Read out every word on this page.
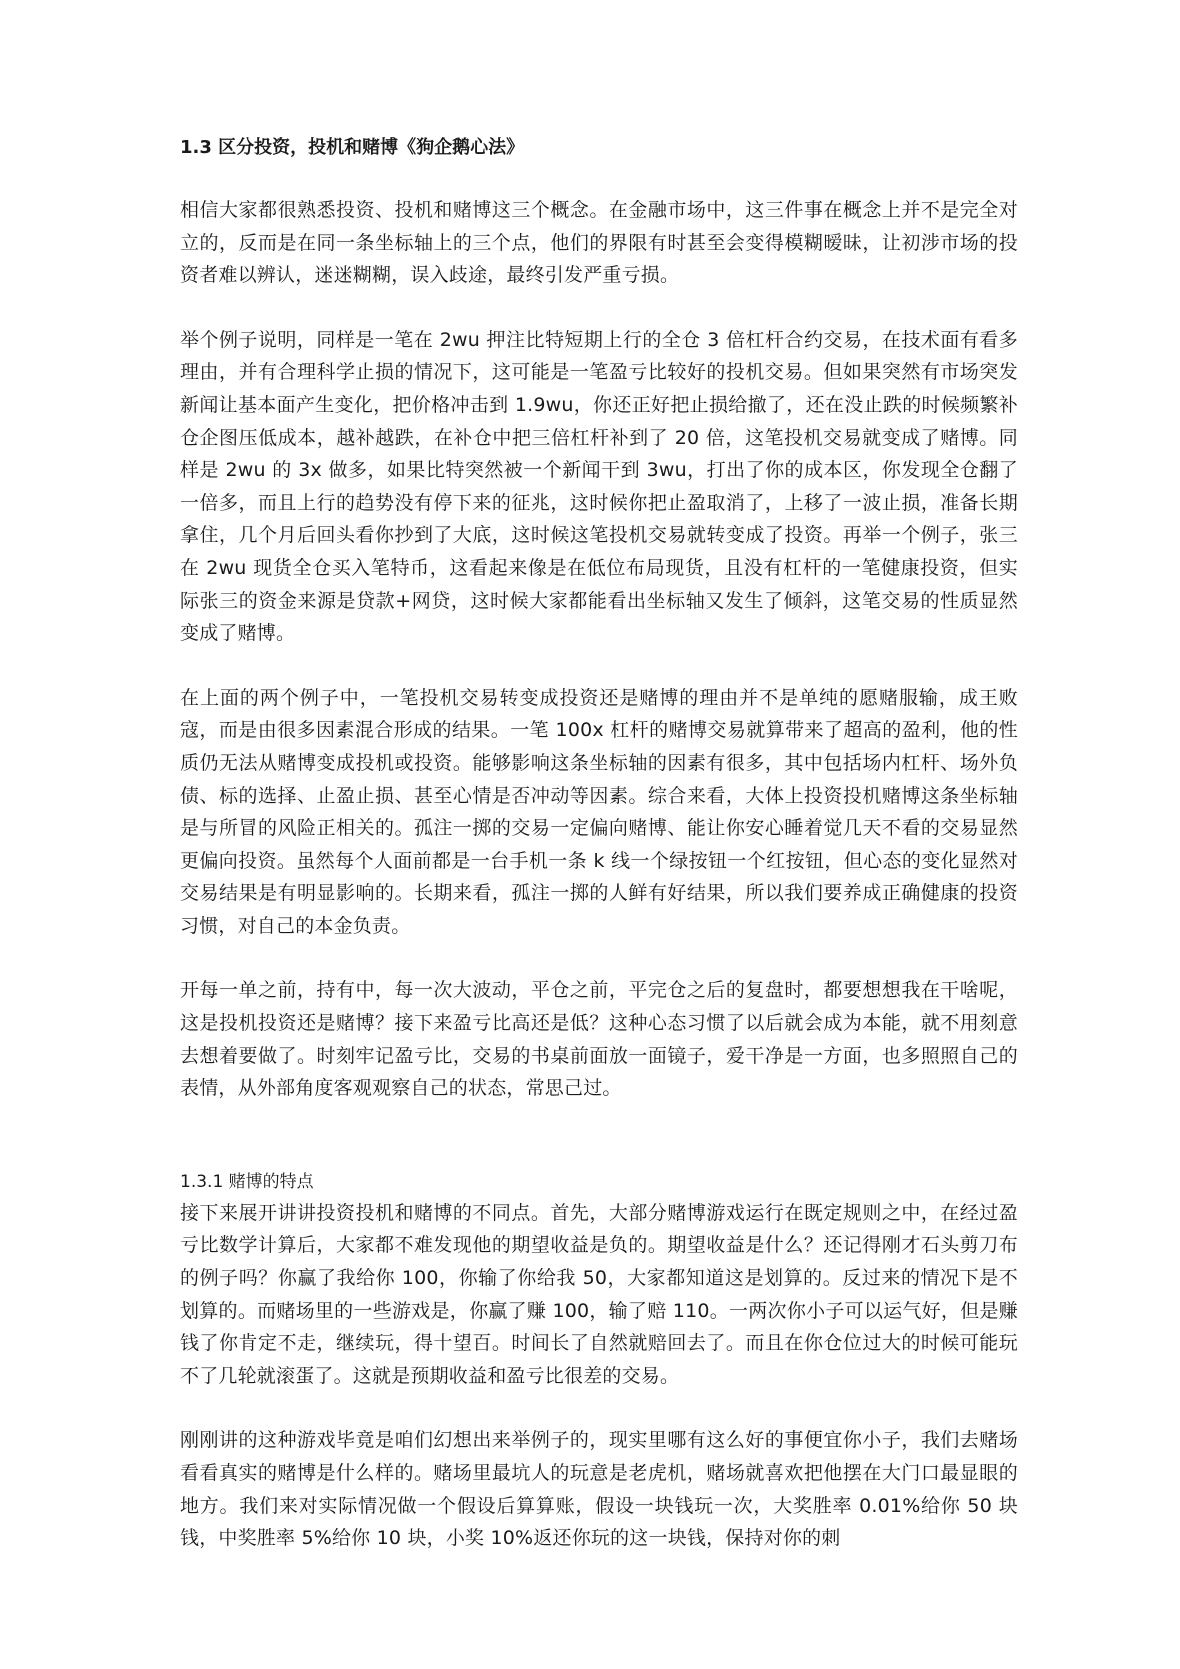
1.3 区分投资，投机和赌博《狗企鹅心法》

相信大家都很熟悉投资、投机和赌博这三个概念。在金融市场中，这三件事在概念上并不是完全对立的，反而是在同一条坐标轴上的三个点，他们的界限有时甚至会变得模糊暧昧，让初涉市场的投资者难以辨认，迷迷糊糊，误入歧途，最终引发严重亏损。

举个例子说明，同样是一笔在 2wu 押注比特短期上行的全仓 3 倍杠杆合约交易，在技术面有看多理由，并有合理科学止损的情况下，这可能是一笔盈亏比较好的投机交易。但如果突然有市场突发新闻让基本面产生变化，把价格冲击到 1.9wu，你还正好把止损给撤了，还在没止跌的时候频繁补仓企图压低成本，越补越跌，在补仓中把三倍杠杆补到了 20 倍，这笔投机交易就变成了赌博。同样是 2wu 的 3x 做多，如果比特突然被一个新闻干到 3wu，打出了你的成本区，你发现全仓翻了一倍多，而且上行的趋势没有停下来的征兆，这时候你把止盈取消了，上移了一波止损，准备长期拿住，几个月后回头看你抄到了大底，这时候这笔投机交易就转变成了投资。再举一个例子，张三在 2wu 现货全仓买入笔特币，这看起来像是在低位布局现货，且没有杠杆的一笔健康投资，但实际张三的资金来源是贷款+网贷，这时候大家都能看出坐标轴又发生了倾斜，这笔交易的性质显然变成了赌博。

在上面的两个例子中，一笔投机交易转变成投资还是赌博的理由并不是单纯的愿赌服输，成王败寇，而是由很多因素混合形成的结果。一笔 100x 杠杆的赌博交易就算带来了超高的盈利，他的性质仍无法从赌博变成投机或投资。能够影响这条坐标轴的因素有很多，其中包括场内杠杆、场外负债、标的选择、止盈止损、甚至心情是否冲动等因素。综合来看，大体上投资投机赌博这条坐标轴是与所冒的风险正相关的。孤注一掷的交易一定偏向赌博、能让你安心睡着觉几天不看的交易显然更偏向投资。虽然每个人面前都是一台手机一条 k 线一个绿按钮一个红按钮，但心态的变化显然对交易结果是有明显影响的。长期来看，孤注一掷的人鲜有好结果，所以我们要养成正确健康的投资习惯，对自己的本金负责。

开每一单之前，持有中，每一次大波动，平仓之前，平完仓之后的复盘时，都要想想我在干啥呢，这是投机投资还是赌博？接下来盈亏比高还是低？这种心态习惯了以后就会成为本能，就不用刻意去想着要做了。时刻牢记盈亏比，交易的书桌前面放一面镜子，爱干净是一方面，也多照照自己的表情，从外部角度客观观察自己的状态，常思己过。

1.3.1 赌博的特点

接下来展开讲讲投资投机和赌博的不同点。首先，大部分赌博游戏运行在既定规则之中，在经过盈亏比数学计算后，大家都不难发现他的期望收益是负的。期望收益是什么？还记得刚才石头剪刀布的例子吗？你赢了我给你 100，你输了你给我 50，大家都知道这是划算的。反过来的情况下是不划算的。而赌场里的一些游戏是，你赢了赚 100，输了赔 110。一两次你小子可以运气好，但是赚钱了你肯定不走，继续玩，得十望百。时间长了自然就赔回去了。而且在你仓位过大的时候可能玩不了几轮就滚蛋了。这就是预期收益和盈亏比很差的交易。

刚刚讲的这种游戏毕竟是咱们幻想出来举例子的，现实里哪有这么好的事便宜你小子，我们去赌场看看真实的赌博是什么样的。赌场里最坑人的玩意是老虎机，赌场就喜欢把他摆在大门口最显眼的地方。我们来对实际情况做一个假设后算算账，假设一块钱玩一次，大奖胜率 0.01%给你 50 块钱，中奖胜率 5%给你 10 块，小奖 10%返还你玩的这一块钱，保持对你的刺
